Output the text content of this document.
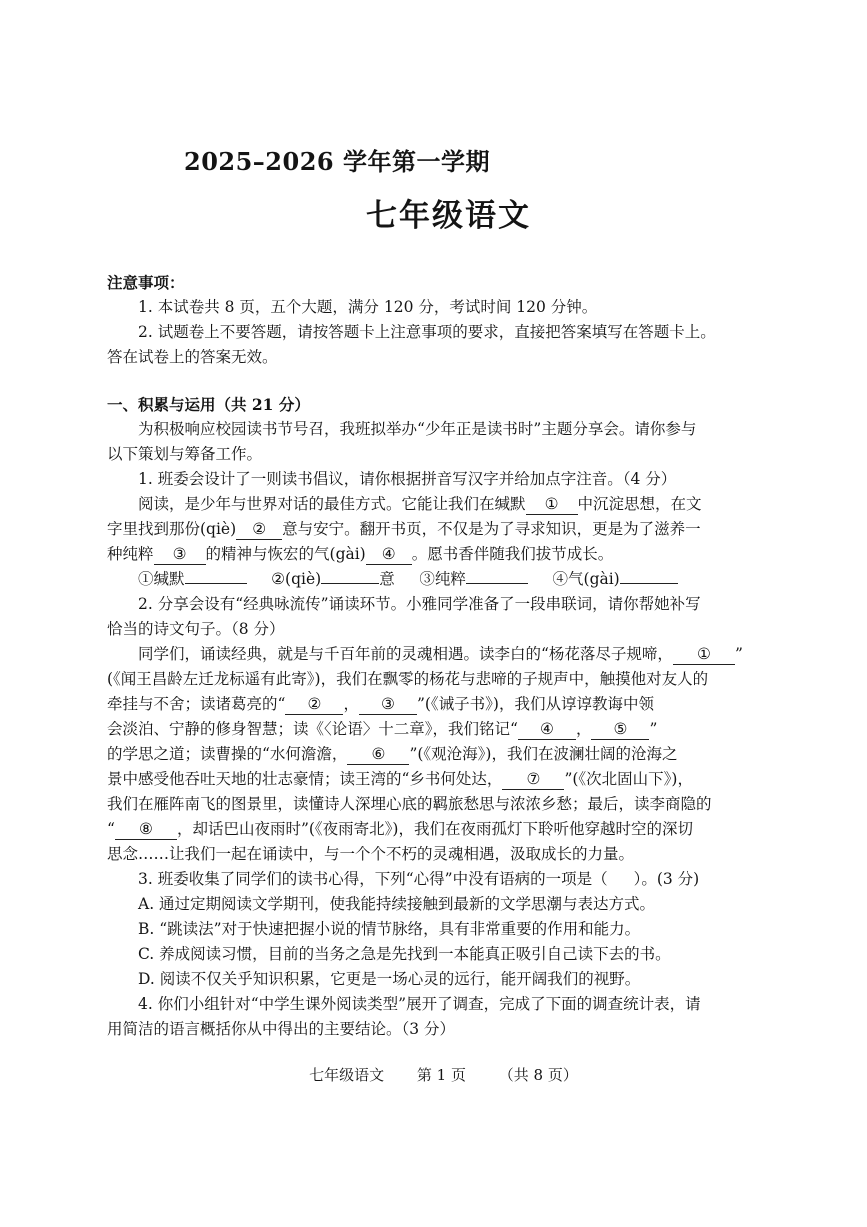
2025–2026 学年第一学期
七年级语文
注意事项：
1. 本试卷共 8 页，五个大题，满分 120 分，考试时间 120 分钟。
2. 试题卷上不要答题，请按答题卡上注意事项的要求，直接把答案填写在答题卡上。
答在试卷上的答案无效。
一、积累与运用（共 21 分）
为积极响应校园读书节号召，我班拟举办“少年正是读书时”主题分享会。请你参与
以下策划与筹备工作。
1. 班委会设计了一则读书倡议，请你根据拼音写汉字并给加点字注音。（4 分）
阅读，是少年与世界对话的最佳方式。它能让我们在缄默 ① 中沉淀思想，在文
字里找到那份(qiè) ② 意与安宁。翻开书页，不仅是为了寻求知识，更是为了滋养一
种纯粹 ③ 的精神与恢宏的气(gài) ④ 。愿书香伴随我们拔节成长。
①缄默	②(qiè)	意 ③纯粹	④气(gài)
2. 分享会设有“经典咏流传”诵读环节。小雅同学准备了一段串联词，请你帮她补写
恰当的诗文句子。（8 分）
同学们，诵读经典，就是与千百年前的灵魂相遇。读李白的“杨花落尽子规啼， ① ”
(《闻王昌龄左迁龙标遥有此寄》)，我们在飘零的杨花与悲啼的子规声中，触摸他对友人的
牵挂与不舍；读诸葛亮的“ ② ， ③ ”(《诫子书》)，我们从谆谆教诲中领
会淡泊、宁静的修身智慧；读《〈论语〉十二章》，我们铭记“ ④ ， ⑤ ”
的学思之道；读曹操的“水何澹澹， ⑥ ”(《观沧海》)，我们在波澜壮阔的沧海之
景中感受他吞吐天地的壮志豪情；读王湾的“乡书何处达， ⑦ ”(《次北固山下》)，
我们在雁阵南飞的图景里，读懂诗人深埋心底的羁旅愁思与浓浓乡愁；最后，读李商隐的
“ ⑧ ，却话巴山夜雨时”(《夜雨寄北》)，我们在夜雨孤灯下聆听他穿越时空的深切
思念……让我们一起在诵读中，与一个个不朽的灵魂相遇，汲取成长的力量。
3. 班委收集了同学们的读书心得，下列“心得”中没有语病的一项是（ ）。(3 分)
A. 通过定期阅读文学期刊，使我能持续接触到最新的文学思潮与表达方式。
B. “跳读法”对于快速把握小说的情节脉络，具有非常重要的作用和能力。
C. 养成阅读习惯，目前的当务之急是先找到一本能真正吸引自己读下去的书。
D. 阅读不仅关乎知识积累，它更是一场心灵的远行，能开阔我们的视野。
4. 你们小组针对“中学生课外阅读类型”展开了调查，完成了下面的调查统计表，请
用简洁的语言概括你从中得出的主要结论。（3 分）
七年级语文 第 1 页 （共 8 页）
